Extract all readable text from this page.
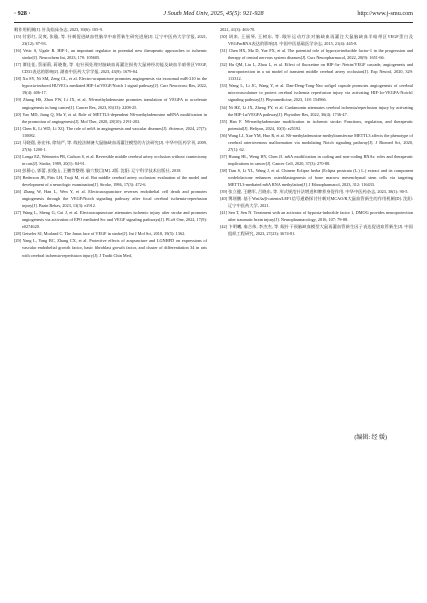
· 928 ·	J South Med Univ, 2025, 45(5): 921-928	http://www.j-smu.com

咽作用机制[J]. 针灸临床杂志, 2023, 39(6): 105-9.

[15] 付彩红, 吴爽, 张璇, 等. 针刺促进缺血性脑卒中血管新生研究进展[J]. 辽宁中医药大学学报, 2021, 23(12): 87-93.

[16] Vettc S, Ugale R. HIF-1, an important regulator in potential new therapeutic approaches to ischemic stroke[J]. Neurochem Int, 2023, 170: 105605.

[17] 谭佳佳, 蔡丽莉, 蒋晓俊, 等. 电针预处理对脑缺血再灌注损伤大鼠神经功能及缺血半暗带区VEGF, CD31表达的影响[J]. 湖南中医药大学学报, 2023, 43(9): 1679-84.

[18] Xu SY, Ni SM, Zeng CL, et al. Electro-acupuncture promotes angiogenesis via exosomal miR-210 in the hypoxia-induced HUVECs mediated HIF-1α/VEGF/Notch 1 signal pathway[J]. Curr Neurovasc Res, 2022, 19(4): 406-17.

[19] Zhang HS, Zhou FW, Li JX, et al. N6-methyladenosine promotes translation of VEGFA to accelerate angiogenesis in lung cancer[J]. Cancer Res, 2023, 83(13): 2208-25.

[20] Yao MD, Jiang Q, Ma Y, et al. Role of METTL3-dependent N6-methyladenosine mRNA modification in the promotion of angiogenesis[J]. Mol Ther, 2020, 28(10): 2191-202.

[21] Chen K, Li WD, Li XQ. The role of m6A in angiogenesis and vascular diseases[J]. iScience, 2024, 27(7): 110082.

[22] 马晓璟, 孙宏伟, 徐灿严, 等. 线栓法制备大鼠脑缺血再灌注模型的方法研究[J]. 中华中医药学刊, 2009, 27(6): 1200-1.

[23] Longa EZ, Weinstein PR, Carlson S, et al. Reversible middle cerebral artery occlusion without craniectomy in rats[J]. Stroke, 1989, 20(1): 84-91.

[24] 彭静心, 郭蕾, 彭俊山, 王鹏等整理. 腧穴数目[M]. 2版. 沈阳: 辽宁科学技术出版社, 2018.

[25] Bederson JB, Pitts LH, Tsuji M, et al. Rat middle cerebral artery occlusion: evaluation of the model and development of a neurologic examination[J]. Stroke, 1986, 17(3): 472-6.

[26] Zhang W, Han L, Wen Y, et al. Electroacupuncture reverses endothelial cell death and promotes angiogenesis through the VEGF/Notch signaling pathway after focal cerebral ischemia-reperfusion injury[J]. Brain Behav, 2023, 13(3): e2912.

[27] Wang L, Sheng G, Cui J, et al. Electroacupuncture attenuates ischemic injury after stroke and promotes angiogenesis via activation of EPO mediated Src and VEGF signaling pathways[J]. PLoS One, 2022, 17(9): e0274620.

[28] Geiseler SJ, Morland C. The Janus face of VEGF in stroke[J]. Int J Mol Sci, 2018, 19(5): 1362.

[29] Yang L, Yang BC, Zhang CX, et al. Protective effects of acupuncture and LGNHFD on expressions of vascular endothelial growth factor, basic fibroblast growth factor, and cluster of differentiation 34 in rats with cerebral ischemia-reperfusion injury[J]. J Tradit Chin Med,

2021, 41(3): 463-70.

[30] 胡来, 王丽琴, 王树东, 等. 眼针运动疗法对脑缺血再灌注大鼠脑缺血半暗带区VEGF蛋白及VEGFmRNA表达的影响[J]. 中国中医基础医学杂志, 2015, 21(4): 445-8.

[31] Chen HX, Ma D, Yue FX, et al. The potential role of hypoxia-inducible factor-1 in the progression and therapy of central nervous system diseases[J]. Curr Neuropharmacol, 2022, 20(9): 1651-66.

[32] Hu QM, Liu L, Zhou L, et al. Effect of fluoxetine on HIF-1α- Netrin/VEGF cascade, angiogenesis and neuroprotection in a rat model of transient middle cerebral artery occlusion[J]. Exp Neurol, 2020, 329: 113312.

[33] Wang L, Li JC, Wang Y, et al. Dan-Deng-Tong-Nao softgel capsule promotes angiogenesis of cerebral microvasculature to protect cerebral ischemia reperfusion injury via activating HIF-1α-VEGFA-Notch1 signaling pathway[J]. Phytomedicine, 2023, 118: 154966.

[34] Ni HZ, Li JX, Zheng FY, et al. Cardamonin attenuates cerebral ischemia/reperfusion injury by activating the HIF-1α/VEGFA pathway[J]. Phytother Res, 2022, 36(4): 1736-47.

[35] Han F. N6-methyladenosine modification in ischemic stroke: Functions, regulation, and therapeutic potential[J]. Heliyon, 2024, 10(3): e25192.

[36] Wang LJ, Xue YM, Huo R, et al. N6-methyladenosine methyltransferase METTL3 affects the phenotype of cerebral arteriovenous malformation via modulating Notch signaling pathway[J]. J Biomed Sci, 2020, 27(1): 62.

[37] Huang HL, Weng HY, Chen JJ. m6A modification in coding and non-coding RNAs: roles and therapeutic implications in cancer[J]. Cancer Cell, 2020, 37(3): 270-88.

[38] Tian S, Li YL, Wang J, et al. Chinese Eclipse herba (Eclipta prostrata (L.) L.) extract and its component wedelolactone enhances osteoblastogenesis of bone marrow mesenchymal stem cells via targeting METTL3-mediated m6A RNA methylation[J]. J Ethnopharmacol, 2023, 312: 116433.

[39] 张立健, 王鹏军, 吕晓东, 等. 形式规范针法增进和脾养身促作用. 中华中医药杂志, 2023, 38(1): 90-5.

[40] 博瑶鹏. 基于Wnt3a/β-catenin/LEF1信号通路探讨针刺对MCAO/R大鼠血管新生的作用机制[D]. 沈阳: 辽宁中医药大学, 2021.

[41] Sen T, Sen N. Treatment with an activator of hypoxia-inducible factor 1, DMOG provides neuroprotection after traumatic brain injury[J]. Neuropharmacology, 2016, 107: 79-88.

[42] 卞明曦, 秦合伟, 李杰杰, 等. 眼针干预脑缺血模型大鼠再灌血管新生因子表达促进血管新生[J]. 中国组织工程研究, 2023, 27(23): 3674-81.

(编辑: 经 媛)
